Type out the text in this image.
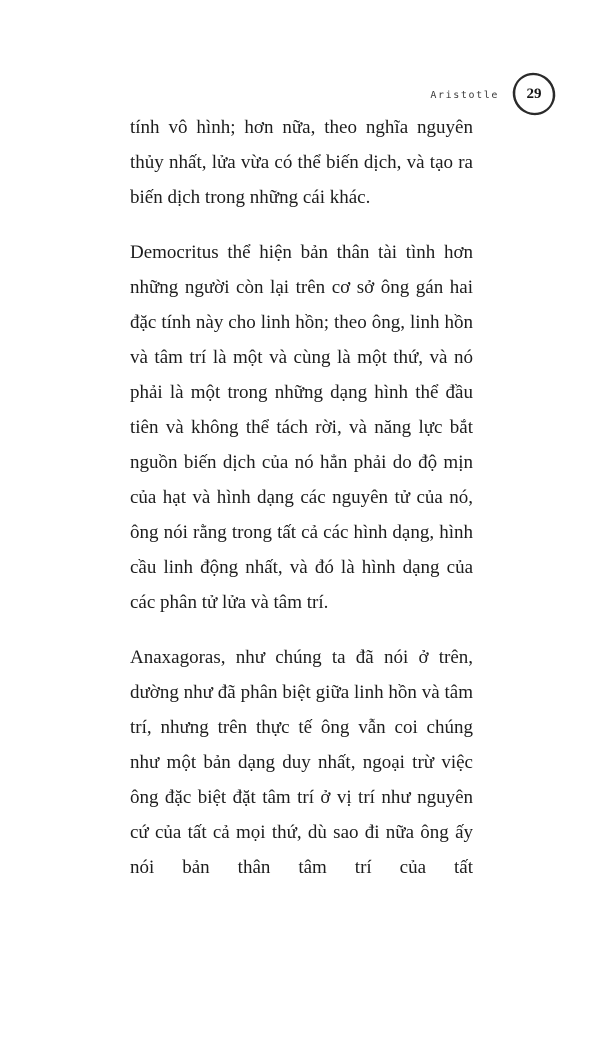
Aristotle	29

tính vô hình; hơn nữa, theo nghĩa nguyên thủy nhất, lửa vừa có thể biến dịch, và tạo ra biến dịch trong những cái khác.

Democritus thể hiện bản thân tài tình hơn những người còn lại trên cơ sở ông gán hai đặc tính này cho linh hồn; theo ông, linh hồn và tâm trí là một và cùng là một thứ, và nó phải là một trong những dạng hình thể đầu tiên và không thể tách rời, và năng lực bắt nguồn biến dịch của nó hẳn phải do độ mịn của hạt và hình dạng các nguyên tử của nó, ông nói rằng trong tất cả các hình dạng, hình cầu linh động nhất, và đó là hình dạng của các phân tử lửa và tâm trí.

Anaxagoras, như chúng ta đã nói ở trên, dường như đã phân biệt giữa linh hồn và tâm trí, nhưng trên thực tế ông vẫn coi chúng như một bản dạng duy nhất, ngoại trừ việc ông đặc biệt đặt tâm trí ở vị trí như nguyên cứ của tất cả mọi thứ, dù sao đi nữa ông ấy nói bản thân tâm trí của tất
